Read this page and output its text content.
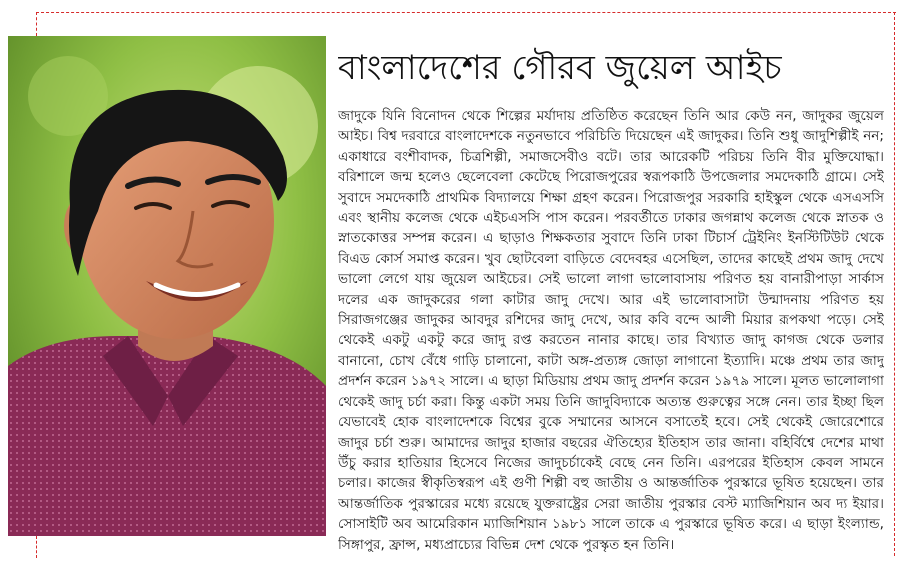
বাংলাদেশের গৌরব জুয়েল আইচ

জাদুকে যিনি বিনোদন থেকে শিল্পের মর্যাদায় প্রতিষ্ঠিত করেছেন তিনি আর কেউ নন, জাদুকর জুয়েল আইচ। বিশ্ব দরবারে বাংলাদেশকে নতুনভাবে পরিচিতি দিয়েছেন এই জাদুকর। তিনি শুধু জাদুশিল্পীই নন; একাধারে বংশীবাদক, চিত্রশিল্পী, সমাজসেবীও বটে। তার আরেকটি পরিচয় তিনি বীর মুক্তিযোদ্ধা। বরিশালে জন্ম হলেও ছেলেবেলা কেটেছে পিরোজপুরের স্বরূপকাঠি উপজেলার সমদেকাঠি গ্রামে। সেই সুবাদে সমদেকাঠি প্রাথমিক বিদ্যালয়ে শিক্ষা গ্রহণ করেন। পিরোজপুর সরকারি হাইস্কুল থেকে এসএসসি এবং স্থানীয় কলেজ থেকে এইচএসসি পাস করেন। পরবর্তীতে ঢাকার জগন্নাথ কলেজ থেকে স্নাতক ও স্নাতকোত্তর সম্পন্ন করেন। এ ছাড়াও শিক্ষকতার সুবাদে তিনি ঢাকা টিচার্স ট্রেইনিং ইনস্টিটিউট থেকে বিএড কোর্স সমাপ্ত করেন। খুব ছোটবেলা বাড়িতে বেদেবহর এসেছিল, তাদের কাছেই প্রথম জাদু দেখে ভালো লেগে যায় জুয়েল আইচের। সেই ভালো লাগা ভালোবাসায় পরিণত হয় বানারীপাড়া সার্কাস দলের এক জাদুকরের গলা কাটার জাদু দেখে। আর এই ভালোবাসাটা উন্মাদনায় পরিণত হয় সিরাজগঞ্জের জাদুকর আবদুর রশিদের জাদু দেখে, আর কবি বন্দে আলী মিয়ার রূপকথা পড়ে। সেই থেকেই একটু একটু করে জাদু রপ্ত করতেন নানার কাছে। তার বিখ্যাত জাদু কাগজ থেকে ডলার বানানো, চোখ বেঁধে গাড়ি চালানো, কাটা অঙ্গ-প্রত্যঙ্গ জোড়া লাগানো ইত্যাদি। মঞ্চে প্রথম তার জাদু প্রদর্শন করেন ১৯৭২ সালে। এ ছাড়া মিডিয়ায় প্রথম জাদু প্রদর্শন করেন ১৯৭৯ সালে। মূলত ভালোলাগা থেকেই জাদু চর্চা করা। কিন্তু একটা সময় তিনি জাদুবিদ্যাকে অত্যন্ত গুরুত্বের সঙ্গে নেন। তার ইচ্ছা ছিল যেভাবেই হোক বাংলাদেশকে বিশ্বের বুকে সম্মানের আসনে বসাতেই হবে। সেই থেকেই জোরেশোরে জাদুর চর্চা শুরু। আমাদের জাদুর হাজার বছরের ঐতিহ্যের ইতিহাস তার জানা। বহির্বিশ্বে দেশের মাথা উঁচু করার হাতিয়ার হিসেবে নিজের জাদুচর্চাকেই বেছে নেন তিনি। এরপরের ইতিহাস কেবল সামনে চলার। কাজের স্বীকৃতিস্বরূপ এই গুণী শিল্পী বহু জাতীয় ও আন্তর্জাতিক পুরস্কারে ভূষিত হয়েছেন। তার আন্তর্জাতিক পুরস্কারের মধ্যে রয়েছে যুক্তরাষ্ট্রের সেরা জাতীয় পুরস্কার বেস্ট ম্যাজিশিয়ান অব দ্য ইয়ার। সোসাইটি অব আমেরিকান ম্যাজিশিয়ান ১৯৮১ সালে তাকে এ পুরস্কারে ভূষিত করে। এ ছাড়া ইংল্যান্ড, সিঙ্গাপুর, ফ্রান্স, মধ্যপ্রাচ্যের বিভিন্ন দেশ থেকে পুরস্কৃত হন তিনি।
